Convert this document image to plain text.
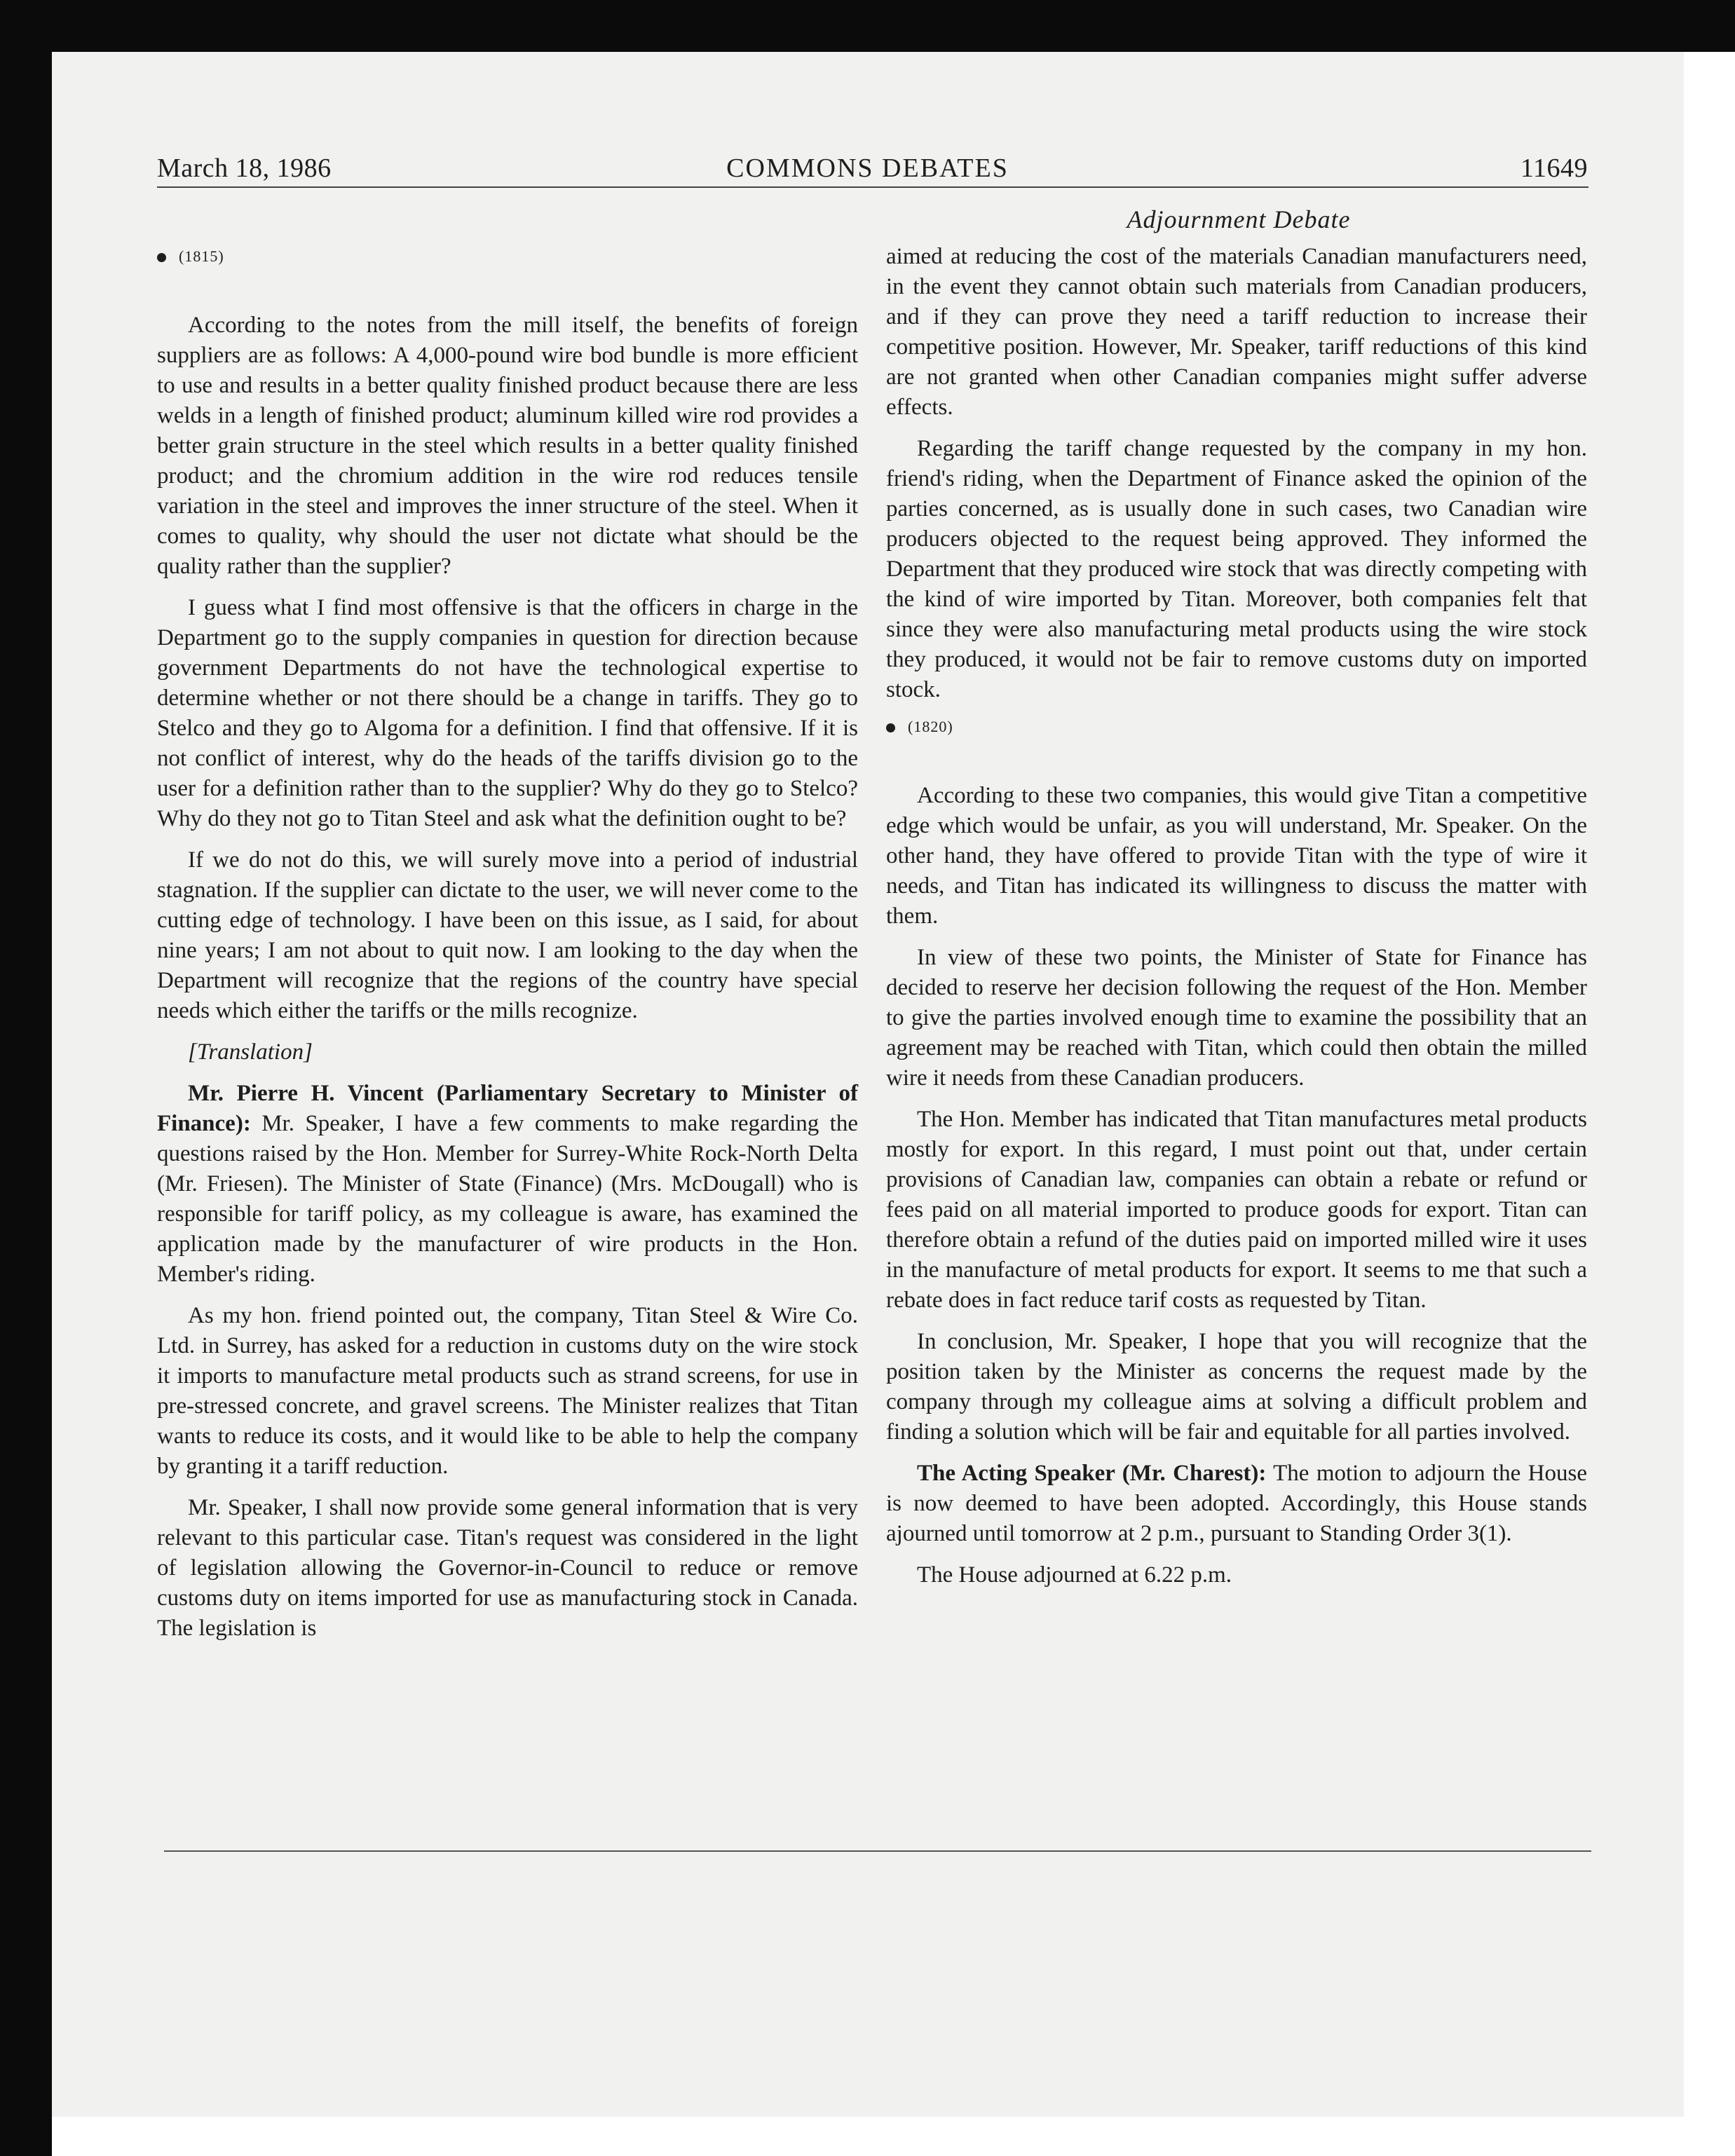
March 18, 1986	COMMONS DEBATES	11649
Adjournment Debate
(1815)

According to the notes from the mill itself, the benefits of foreign suppliers are as follows: A 4,000-pound wire bod bundle is more efficient to use and results in a better quality finished product because there are less welds in a length of finished product; aluminum killed wire rod provides a better grain structure in the steel which results in a better quality finished product; and the chromium addition in the wire rod reduces tensile variation in the steel and improves the inner structure of the steel. When it comes to quality, why should the user not dictate what should be the quality rather than the supplier?

I guess what I find most offensive is that the officers in charge in the Department go to the supply companies in question for direction because government Departments do not have the technological expertise to determine whether or not there should be a change in tariffs. They go to Stelco and they go to Algoma for a definition. I find that offensive. If it is not conflict of interest, why do the heads of the tariffs division go to the user for a definition rather than to the supplier? Why do they go to Stelco? Why do they not go to Titan Steel and ask what the definition ought to be?

If we do not do this, we will surely move into a period of industrial stagnation. If the supplier can dictate to the user, we will never come to the cutting edge of technology. I have been on this issue, as I said, for about nine years; I am not about to quit now. I am looking to the day when the Department will recognize that the regions of the country have special needs which either the tariffs or the mills recognize.

[Translation]

Mr. Pierre H. Vincent (Parliamentary Secretary to Minister of Finance): Mr. Speaker, I have a few comments to make regarding the questions raised by the Hon. Member for Surrey-White Rock-North Delta (Mr. Friesen). The Minister of State (Finance) (Mrs. McDougall) who is responsible for tariff policy, as my colleague is aware, has examined the application made by the manufacturer of wire products in the Hon. Member's riding.

As my hon. friend pointed out, the company, Titan Steel & Wire Co. Ltd. in Surrey, has asked for a reduction in customs duty on the wire stock it imports to manufacture metal products such as strand screens, for use in pre-stressed concrete, and gravel screens. The Minister realizes that Titan wants to reduce its costs, and it would like to be able to help the company by granting it a tariff reduction.

Mr. Speaker, I shall now provide some general information that is very relevant to this particular case. Titan's request was considered in the light of legislation allowing the Governor-in-Council to reduce or remove customs duty on items imported for use as manufacturing stock in Canada. The legislation is

aimed at reducing the cost of the materials Canadian manufacturers need, in the event they cannot obtain such materials from Canadian producers, and if they can prove they need a tariff reduction to increase their competitive position. However, Mr. Speaker, tariff reductions of this kind are not granted when other Canadian companies might suffer adverse effects.

Regarding the tariff change requested by the company in my hon. friend's riding, when the Department of Finance asked the opinion of the parties concerned, as is usually done in such cases, two Canadian wire producers objected to the request being approved. They informed the Department that they produced wire stock that was directly competing with the kind of wire imported by Titan. Moreover, both companies felt that since they were also manufacturing metal products using the wire stock they produced, it would not be fair to remove customs duty on imported stock.

(1820)

According to these two companies, this would give Titan a competitive edge which would be unfair, as you will understand, Mr. Speaker. On the other hand, they have offered to provide Titan with the type of wire it needs, and Titan has indicated its willingness to discuss the matter with them.

In view of these two points, the Minister of State for Finance has decided to reserve her decision following the request of the Hon. Member to give the parties involved enough time to examine the possibility that an agreement may be reached with Titan, which could then obtain the milled wire it needs from these Canadian producers.

The Hon. Member has indicated that Titan manufactures metal products mostly for export. In this regard, I must point out that, under certain provisions of Canadian law, companies can obtain a rebate or refund or fees paid on all material imported to produce goods for export. Titan can therefore obtain a refund of the duties paid on imported milled wire it uses in the manufacture of metal products for export. It seems to me that such a rebate does in fact reduce tarif costs as requested by Titan.

In conclusion, Mr. Speaker, I hope that you will recognize that the position taken by the Minister as concerns the request made by the company through my colleague aims at solving a difficult problem and finding a solution which will be fair and equitable for all parties involved.

The Acting Speaker (Mr. Charest): The motion to adjourn the House is now deemed to have been adopted. Accordingly, this House stands ajourned until tomorrow at 2 p.m., pursuant to Standing Order 3(1).

The House adjourned at 6.22 p.m.
